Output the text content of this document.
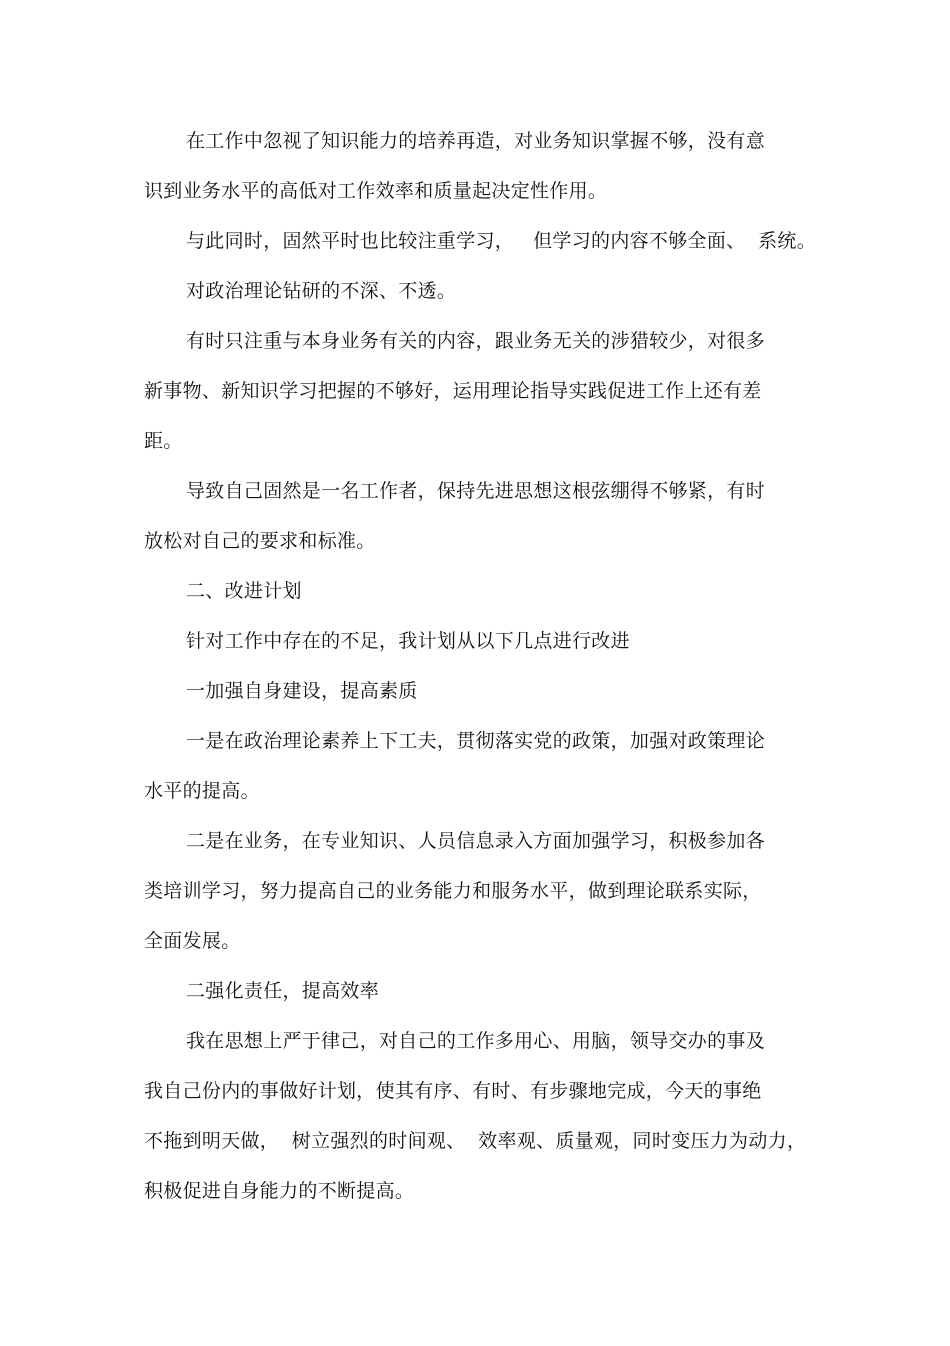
在工作中忽视了知识能力的培养再造，对业务知识掌握不够，没有意
识到业务水平的高低对工作效率和质量起决定性作用。
与此同时，固然平时也比较注重学习，   但学习的内容不够全面、  系统。
对政治理论钻研的不深、不透。
有时只注重与本身业务有关的内容，跟业务无关的涉猎较少，对很多
新事物、新知识学习把握的不够好，运用理论指导实践促进工作上还有差
距。
导致自己固然是一名工作者，保持先进思想这根弦绷得不够紧，有时
放松对自己的要求和标准。
二、改进计划
针对工作中存在的不足，我计划从以下几点进行改进
一加强自身建设，提高素质
一是在政治理论素养上下工夫，贯彻落实党的政策，加强对政策理论
水平的提高。
二是在业务，在专业知识、人员信息录入方面加强学习，积极参加各
类培训学习，努力提高自己的业务能力和服务水平，做到理论联系实际，
全面发展。
二强化责任，提高效率
我在思想上严于律己，对自己的工作多用心、用脑，领导交办的事及
我自己份内的事做好计划，使其有序、有时、有步骤地完成，今天的事绝
不拖到明天做，  树立强烈的时间观、  效率观、质量观，同时变压力为动力，
积极促进自身能力的不断提高。
